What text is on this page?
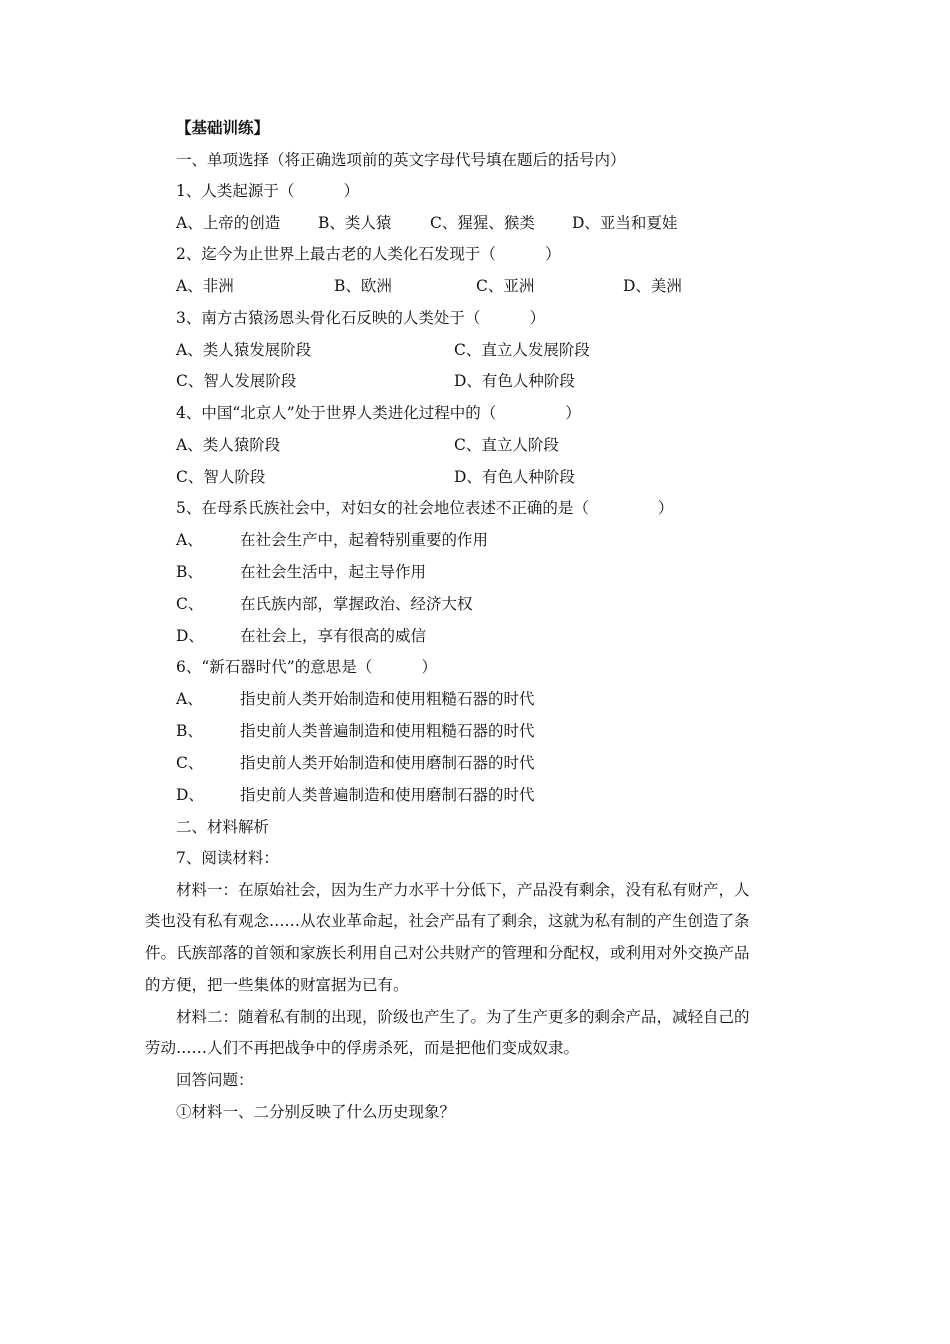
【基础训练】
一、单项选择（将正确选项前的英文字母代号填在题后的括号内）
1、人类起源于（          ）
A、上帝的创造 B、类人猿 C、猩猩、猴类 D、亚当和夏娃
2、迄今为止世界上最古老的人类化石发现于（          ）
A、非洲	B、欧洲	C、亚洲	D、美洲
3、南方古猿汤恩头骨化石反映的人类处于（          ）
A、类人猿发展阶段	C、直立人发展阶段
C、智人发展阶段	D、有色人种阶段
4、中国“北京人”处于世界人类进化过程中的（              ）
A、类人猿阶段	C、直立人阶段
C、智人阶段	D、有色人种阶段
5、在母系氏族社会中，对妇女的社会地位表述不正确的是（              ）
A、 在社会生产中，起着特别重要的作用
B、 在社会生活中，起主导作用
C、 在氏族内部，掌握政治、经济大权
D、 在社会上，享有很高的威信
6、“新石器时代”的意思是（          ）
A、 指史前人类开始制造和使用粗糙石器的时代
B、 指史前人类普遍制造和使用粗糙石器的时代
C、 指史前人类开始制造和使用磨制石器的时代
D、 指史前人类普遍制造和使用磨制石器的时代
二、材料解析
7、阅读材料：
材料一：在原始社会，因为生产力水平十分低下，产品没有剩余，没有私有财产，人
类也没有私有观念……从农业革命起，社会产品有了剩余，这就为私有制的产生创造了条
件。氏族部落的首领和家族长利用自己对公共财产的管理和分配权，或利用对外交换产品
的方便，把一些集体的财富据为已有。
材料二：随着私有制的出现，阶级也产生了。为了生产更多的剩余产品，减轻自己的
劳动……人们不再把战争中的俘虏杀死，而是把他们变成奴隶。
回答问题：
①材料一、二分别反映了什么历史现象？
